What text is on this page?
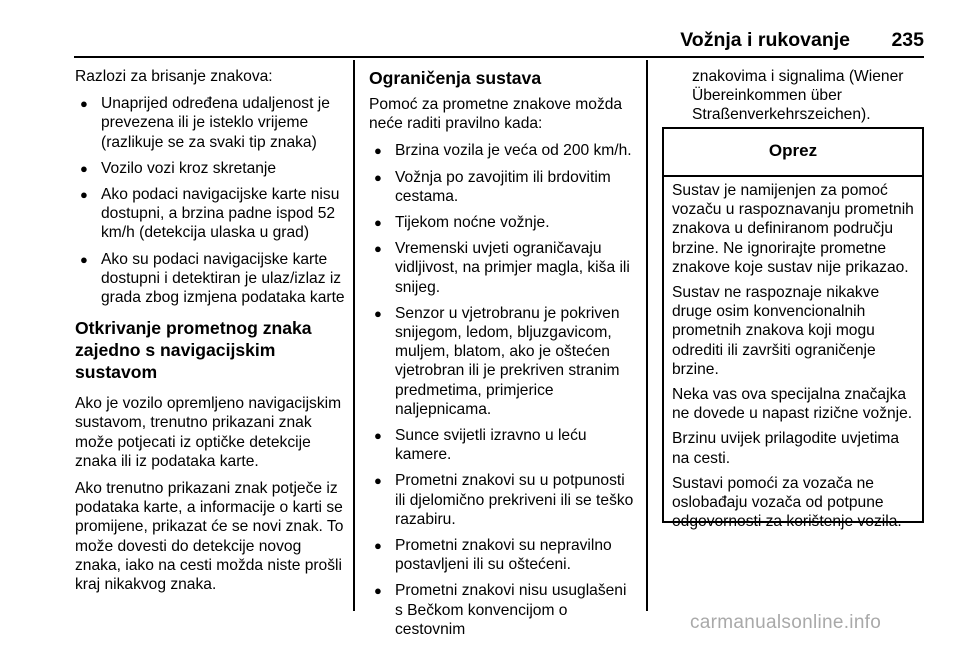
Vožnja i rukovanje	235

Razlozi za brisanje znakova:

● Unaprijed određena udaljenost je prevezena ili je isteklo vrijeme (razlikuje se za svaki tip znaka)
● Vozilo vozi kroz skretanje
● Ako podaci navigacijske karte nisu dostupni, a brzina padne ispod 52 km/h (detekcija ulaska u grad)
● Ako su podaci navigacijske karte dostupni i detektiran je ulaz/izlaz iz grada zbog izmjena podataka karte
Otkrivanje prometnog znaka zajedno s navigacijskim sustavom

Ako je vozilo opremljeno navigacijskim sustavom, trenutno prikazani znak može potjecati iz optičke detekcije znaka ili iz podataka karte.

Ako trenutno prikazani znak potječe iz podataka karte, a informacije o karti se promijene, prikazat će se novi znak. To može dovesti do detekcije novog znaka, iako na cesti možda niste prošli kraj nikakvog znaka.

Ograničenja sustava

Pomoć za prometne znakove možda neće raditi pravilno kada:

● Brzina vozila je veća od 200 km/h.
● Vožnja po zavojitim ili brdovitim cestama.
● Tijekom noćne vožnje.
● Vremenski uvjeti ograničavaju vidljivost, na primjer magla, kiša ili snijeg.
● Senzor u vjetrobranu je pokriven snijegom, ledom, bljuzgavicom, muljem, blatom, ako je oštećen vjetrobran ili je prekriven stranim predmetima, primjerice naljepnicama.
● Sunce svijetli izravno u leću kamere.
● Prometni znakovi su u potpunosti ili djelomično prekriveni ili se teško razabiru.
● Prometni znakovi su nepravilno postavljeni ili su oštećeni.
● Prometni znakovi nisu usuglašeni s Bečkom konvencijom o cestovnim

znakovima i signalima (Wiener Übereinkommen über Straßenverkehrszeichen).

Oprez

Sustav je namijenjen za pomoć vozaču u raspoznavanju prometnih znakova u definiranom području brzine. Ne ignorirajte prometne znakove koje sustav nije prikazao.

Sustav ne raspoznaje nikakve druge osim konvencionalnih prometnih znakova koji mogu odrediti ili završiti ograničenje brzine.

Neka vas ova specijalna značajka ne dovede u napast rizične vožnje.

Brzinu uvijek prilagodite uvjetima na cesti.

Sustavi pomoći za vozača ne oslobađaju vozača od potpune odgovornosti za korištenje vozila.

carmanualsonline.info
